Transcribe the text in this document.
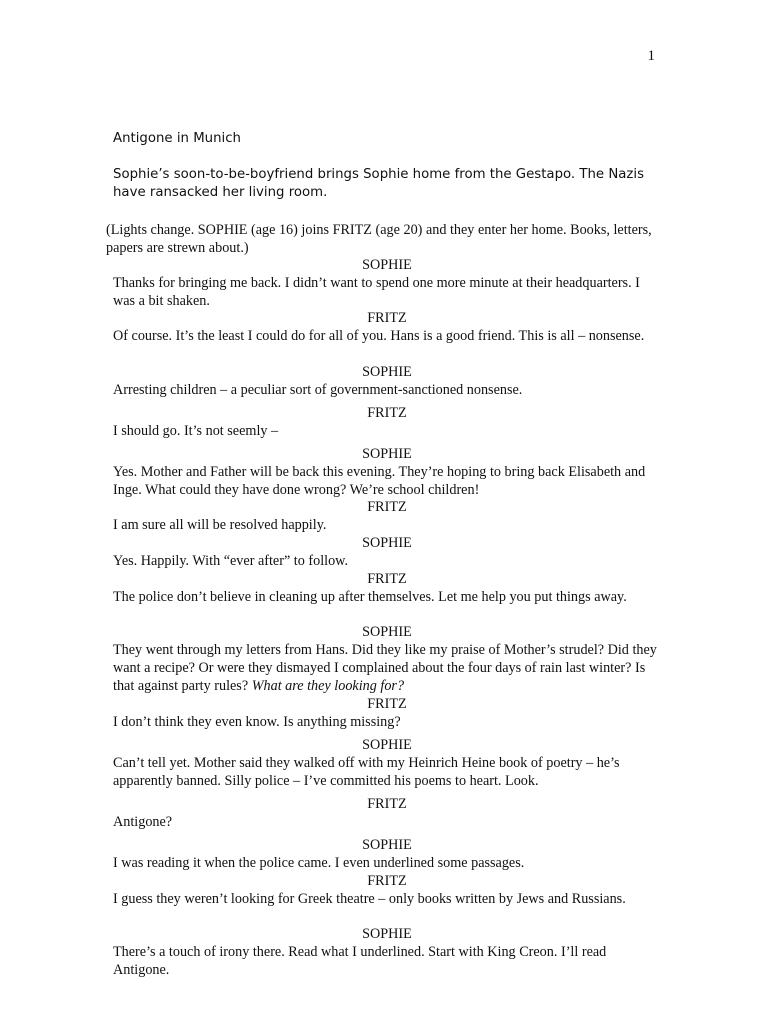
1
Antigone in Munich
Sophie’s soon-to-be-boyfriend brings Sophie home from the Gestapo. The Nazis have ransacked her living room.
(Lights change. SOPHIE (age 16) joins FRITZ (age 20) and they enter her home. Books, letters, papers are strewn about.)

SOPHIE

Thanks for bringing me back. I didn’t want to spend one more minute at their headquarters. I was a bit shaken.

FRITZ

Of course. It’s the least I could do for all of you. Hans is a good friend. This is all – nonsense.

SOPHIE

Arresting children – a peculiar sort of government-sanctioned nonsense.

FRITZ

I should go. It’s not seemly –

SOPHIE

Yes. Mother and Father will be back this evening. They’re hoping to bring back Elisabeth and Inge. What could they have done wrong? We’re school children!

FRITZ

I am sure all will be resolved happily.

SOPHIE

Yes. Happily. With “ever after” to follow.

FRITZ

The police don’t believe in cleaning up after themselves. Let me help you put things away.

SOPHIE

They went through my letters from Hans. Did they like my praise of Mother’s strudel? Did they want a recipe? Or were they dismayed I complained about the four days of rain last winter? Is that against party rules? What are they looking for?

FRITZ

I don’t think they even know. Is anything missing?

SOPHIE

Can’t tell yet. Mother said they walked off with my Heinrich Heine book of poetry – he’s apparently banned. Silly police – I’ve committed his poems to heart. Look.

FRITZ

Antigone?

SOPHIE

I was reading it when the police came. I even underlined some passages.

FRITZ

I guess they weren’t looking for Greek theatre – only books written by Jews and Russians.

SOPHIE

There’s a touch of irony there. Read what I underlined. Start with King Creon. I’ll read Antigone.
